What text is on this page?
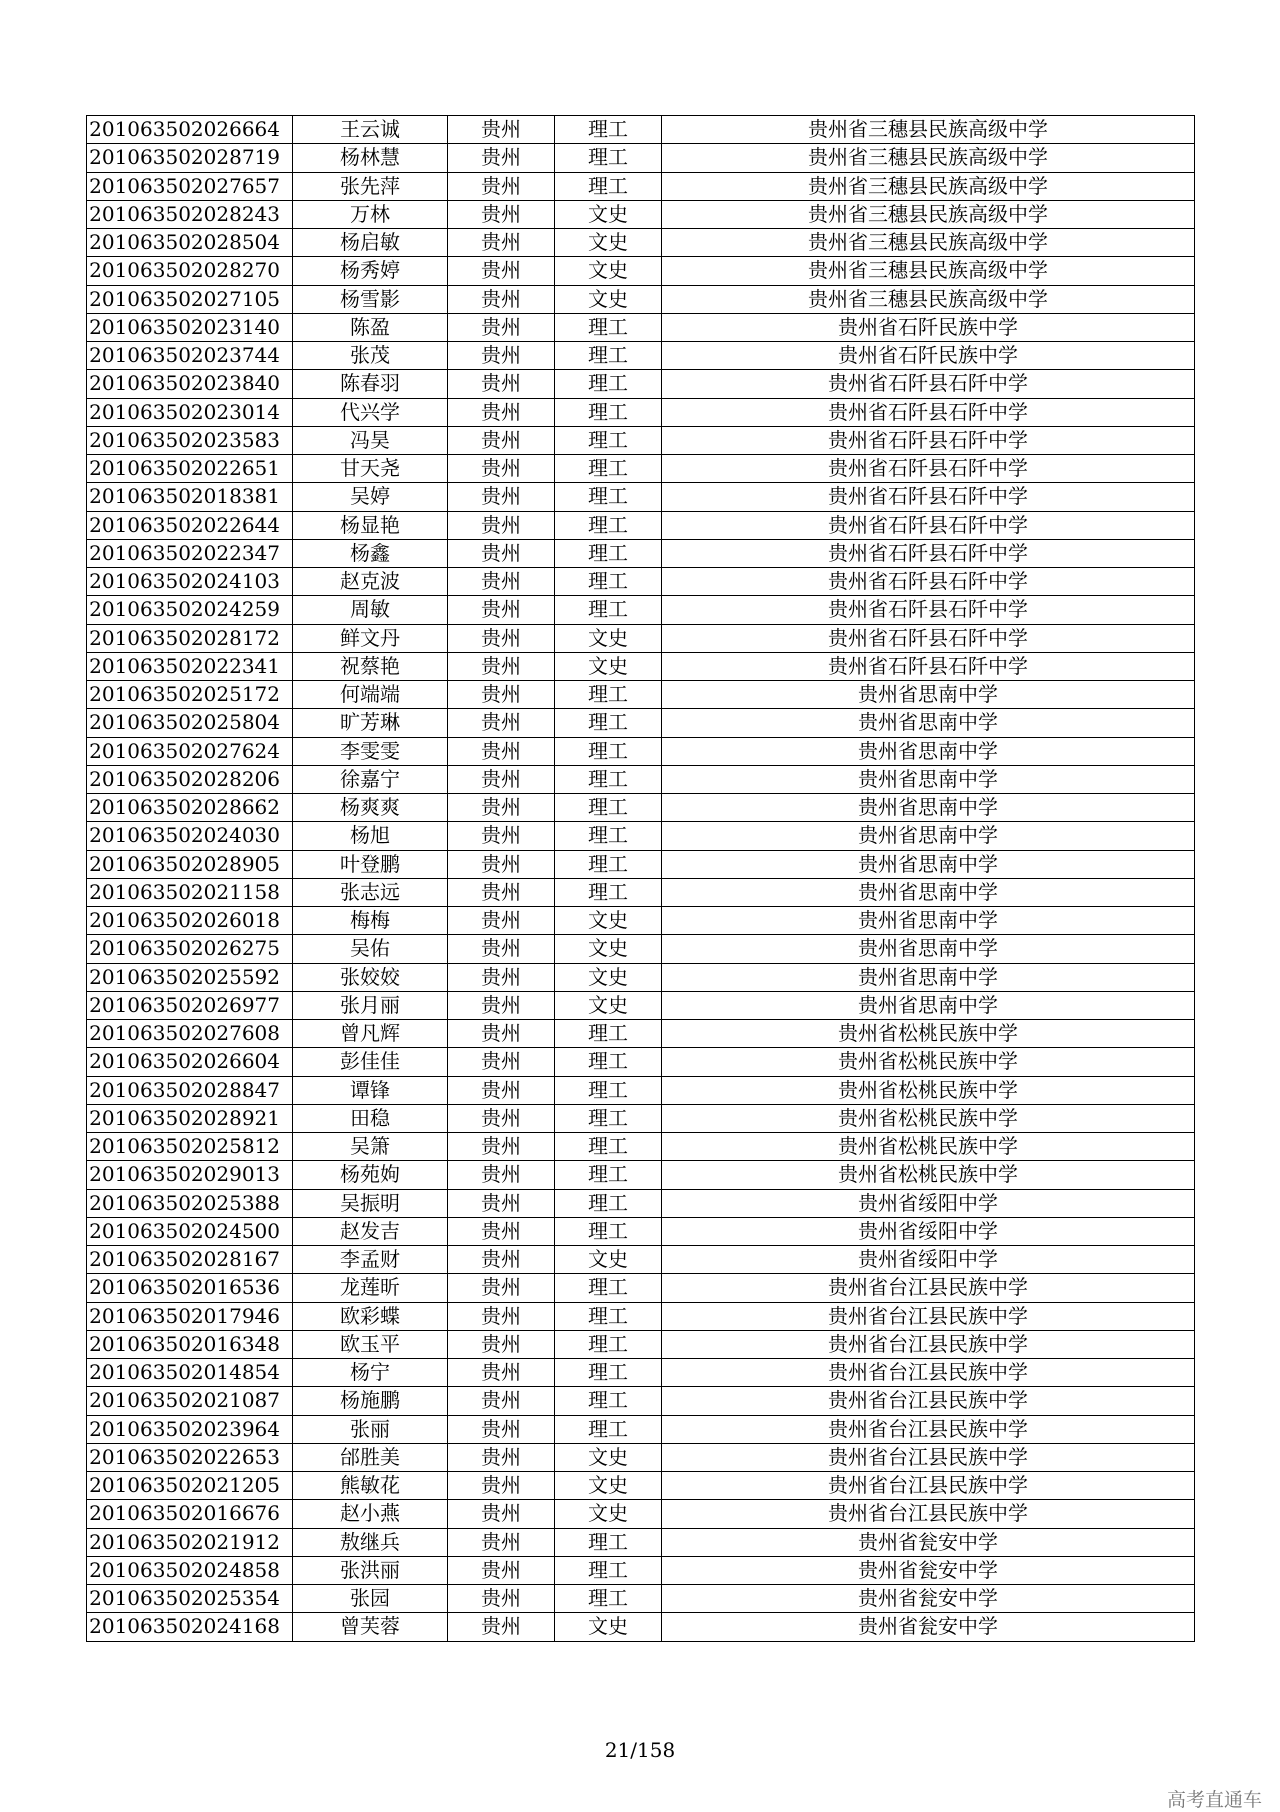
201063502026664	王云诚	贵州	理工	贵州省三穗县民族高级中学
201063502028719	杨林慧	贵州	理工	贵州省三穗县民族高级中学
201063502027657	张先萍	贵州	理工	贵州省三穗县民族高级中学
201063502028243	万林	贵州	文史	贵州省三穗县民族高级中学
201063502028504	杨启敏	贵州	文史	贵州省三穗县民族高级中学
201063502028270	杨秀婷	贵州	文史	贵州省三穗县民族高级中学
201063502027105	杨雪影	贵州	文史	贵州省三穗县民族高级中学
201063502023140	陈盈	贵州	理工	贵州省石阡民族中学
201063502023744	张茂	贵州	理工	贵州省石阡民族中学
201063502023840	陈春羽	贵州	理工	贵州省石阡县石阡中学
201063502023014	代兴学	贵州	理工	贵州省石阡县石阡中学
201063502023583	冯昊	贵州	理工	贵州省石阡县石阡中学
201063502022651	甘天尧	贵州	理工	贵州省石阡县石阡中学
201063502018381	吴婷	贵州	理工	贵州省石阡县石阡中学
201063502022644	杨显艳	贵州	理工	贵州省石阡县石阡中学
201063502022347	杨鑫	贵州	理工	贵州省石阡县石阡中学
201063502024103	赵克波	贵州	理工	贵州省石阡县石阡中学
201063502024259	周敏	贵州	理工	贵州省石阡县石阡中学
201063502028172	鲜文丹	贵州	文史	贵州省石阡县石阡中学
201063502022341	祝蔡艳	贵州	文史	贵州省石阡县石阡中学
201063502025172	何端端	贵州	理工	贵州省思南中学
201063502025804	旷芳琳	贵州	理工	贵州省思南中学
201063502027624	李雯雯	贵州	理工	贵州省思南中学
201063502028206	徐嘉宁	贵州	理工	贵州省思南中学
201063502028662	杨爽爽	贵州	理工	贵州省思南中学
201063502024030	杨旭	贵州	理工	贵州省思南中学
201063502028905	叶登鹏	贵州	理工	贵州省思南中学
201063502021158	张志远	贵州	理工	贵州省思南中学
201063502026018	梅梅	贵州	文史	贵州省思南中学
201063502026275	吴佑	贵州	文史	贵州省思南中学
201063502025592	张姣姣	贵州	文史	贵州省思南中学
201063502026977	张月丽	贵州	文史	贵州省思南中学
201063502027608	曾凡辉	贵州	理工	贵州省松桃民族中学
201063502026604	彭佳佳	贵州	理工	贵州省松桃民族中学
201063502028847	谭锋	贵州	理工	贵州省松桃民族中学
201063502028921	田稳	贵州	理工	贵州省松桃民族中学
201063502025812	吴箫	贵州	理工	贵州省松桃民族中学
201063502029013	杨苑姁	贵州	理工	贵州省松桃民族中学
201063502025388	吴振明	贵州	理工	贵州省绥阳中学
201063502024500	赵发吉	贵州	理工	贵州省绥阳中学
201063502028167	李孟财	贵州	文史	贵州省绥阳中学
201063502016536	龙莲昕	贵州	理工	贵州省台江县民族中学
201063502017946	欧彩蝶	贵州	理工	贵州省台江县民族中学
201063502016348	欧玉平	贵州	理工	贵州省台江县民族中学
201063502014854	杨宁	贵州	理工	贵州省台江县民族中学
201063502021087	杨施鹏	贵州	理工	贵州省台江县民族中学
201063502023964	张丽	贵州	理工	贵州省台江县民族中学
201063502022653	邰胜美	贵州	文史	贵州省台江县民族中学
201063502021205	熊敏花	贵州	文史	贵州省台江县民族中学
201063502016676	赵小燕	贵州	文史	贵州省台江县民族中学
201063502021912	敖继兵	贵州	理工	贵州省瓮安中学
201063502024858	张洪丽	贵州	理工	贵州省瓮安中学
201063502025354	张园	贵州	理工	贵州省瓮安中学
201063502024168	曾芙蓉	贵州	文史	贵州省瓮安中学
21/158
高考直通车
